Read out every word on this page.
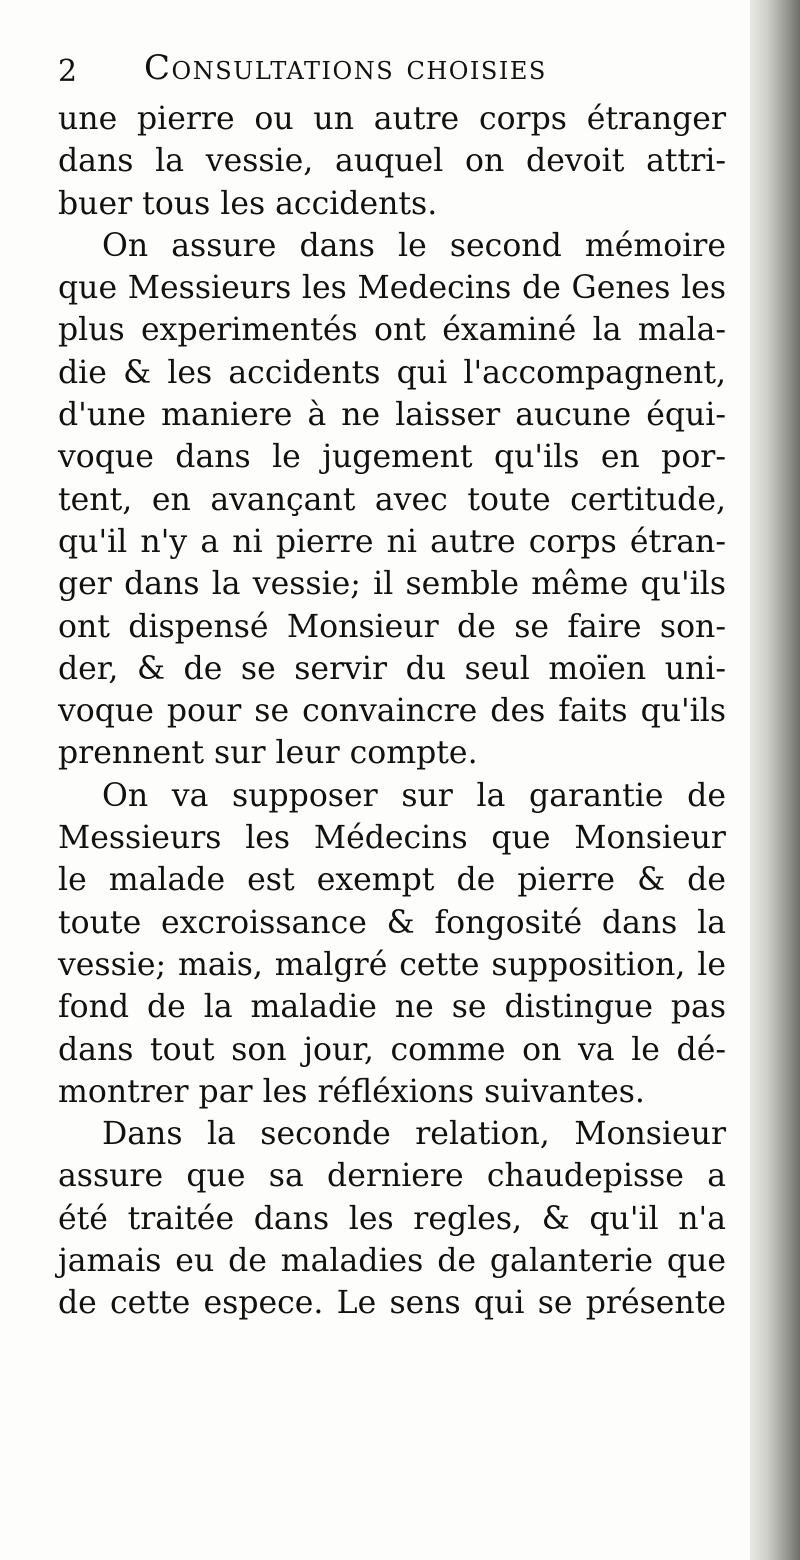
2 Consultations choisies
une pierre ou un autre corps étranger
dans la vessie, auquel on devoit attri-
buer tous les accidents.
On assure dans le second mémoire
que Messieurs les Medecins de Genes les
plus experimentés ont éxaminé la mala-
die & les accidents qui l'accompagnent,
d'une maniere à ne laisser aucune équi-
voque dans le jugement qu'ils en por-
tent, en avançant avec toute certitude,
qu'il n'y a ni pierre ni autre corps étran-
ger dans la vessie; il semble même qu'ils
ont dispensé Monsieur de se faire son-
der, & de se servir du seul moïen uni-
voque pour se convaincre des faits qu'ils
prennent sur leur compte.
On va supposer sur la garantie de
Messieurs les Médecins que Monsieur
le malade est exempt de pierre & de
toute excroissance & fongosité dans la
vessie; mais, malgré cette supposition, le
fond de la maladie ne se distingue pas
dans tout son jour, comme on va le dé-
montrer par les réfléxions suivantes.
Dans la seconde relation, Monsieur
assure que sa derniere chaudepisse a
été traitée dans les regles, & qu'il n'a
jamais eu de maladies de galanterie que
de cette espece. Le sens qui se présente
